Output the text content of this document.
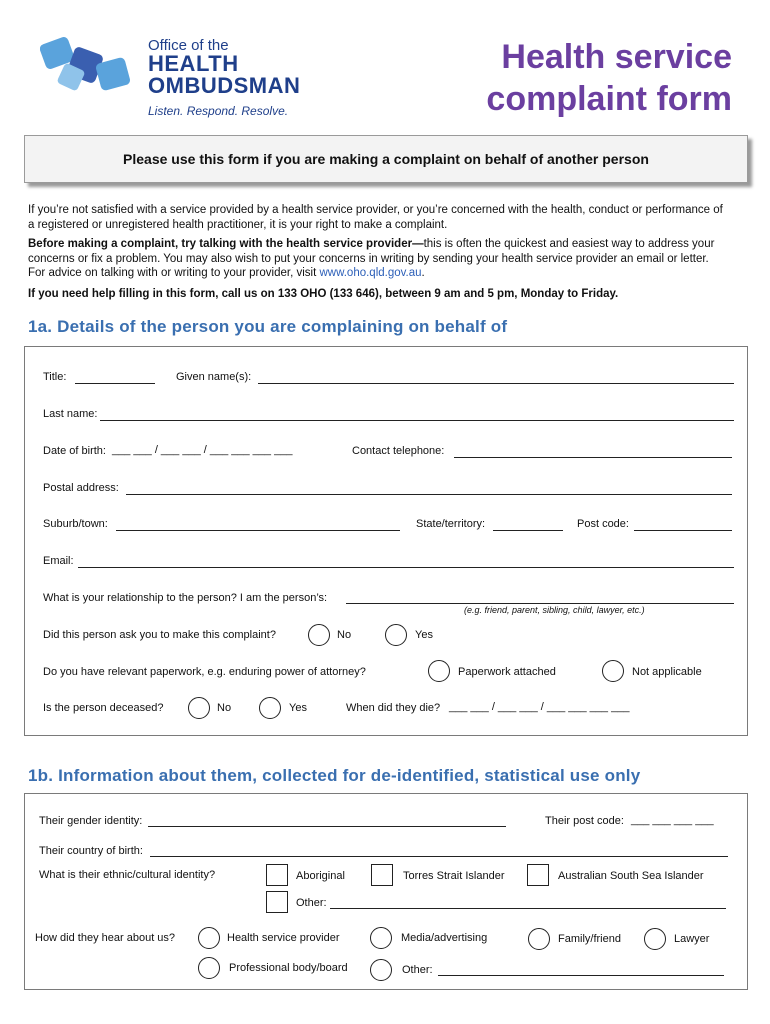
Office of the
HEALTH
OMBUDSMAN
Listen. Respond. Resolve.
Health service
complaint form
Please use this form if you are making a complaint on behalf of another person
If you’re not satisfied with a service provided by a health service provider, or you’re concerned with the health, conduct or performance of a registered or unregistered health practitioner, it is your right to make a complaint.
Before making a complaint, try talking with the health service provider—this is often the quickest and easiest way to address your concerns or fix a problem. You may also wish to put your concerns in writing by sending your health service provider an email or letter. For advice on talking with or writing to your provider, visit www.oho.qld.gov.au.
If you need help filling in this form, call us on 133 OHO (133 646), between 9 am and 5 pm, Monday to Friday.
1a. Details of the person you are complaining on behalf of
Title:	Given name(s):
Last name:
Date of birth: ___ ___ / ___ ___ / ___ ___ ___ ___	Contact telephone:
Postal address:
Suburb/town:	State/territory:	Post code:
Email:
What is your relationship to the person? I am the person’s:
(e.g. friend, parent, sibling, child, lawyer, etc.)
Did this person ask you to make this complaint?	No	Yes
Do you have relevant paperwork, e.g. enduring power of attorney?	Paperwork attached	Not applicable
Is the person deceased?	No	Yes	When did they die? ___ ___ / ___ ___ / ___ ___ ___ ___
1b. Information about them, collected for de-identified, statistical use only
Their gender identity:	Their post code: ___ ___ ___ ___
Their country of birth:
What is their ethnic/cultural identity?	Aboriginal	Torres Strait Islander	Australian South Sea Islander
Other:
How did they hear about us?	Health service provider	Media/advertising	Family/friend	Lawyer
Professional body/board	Other:
